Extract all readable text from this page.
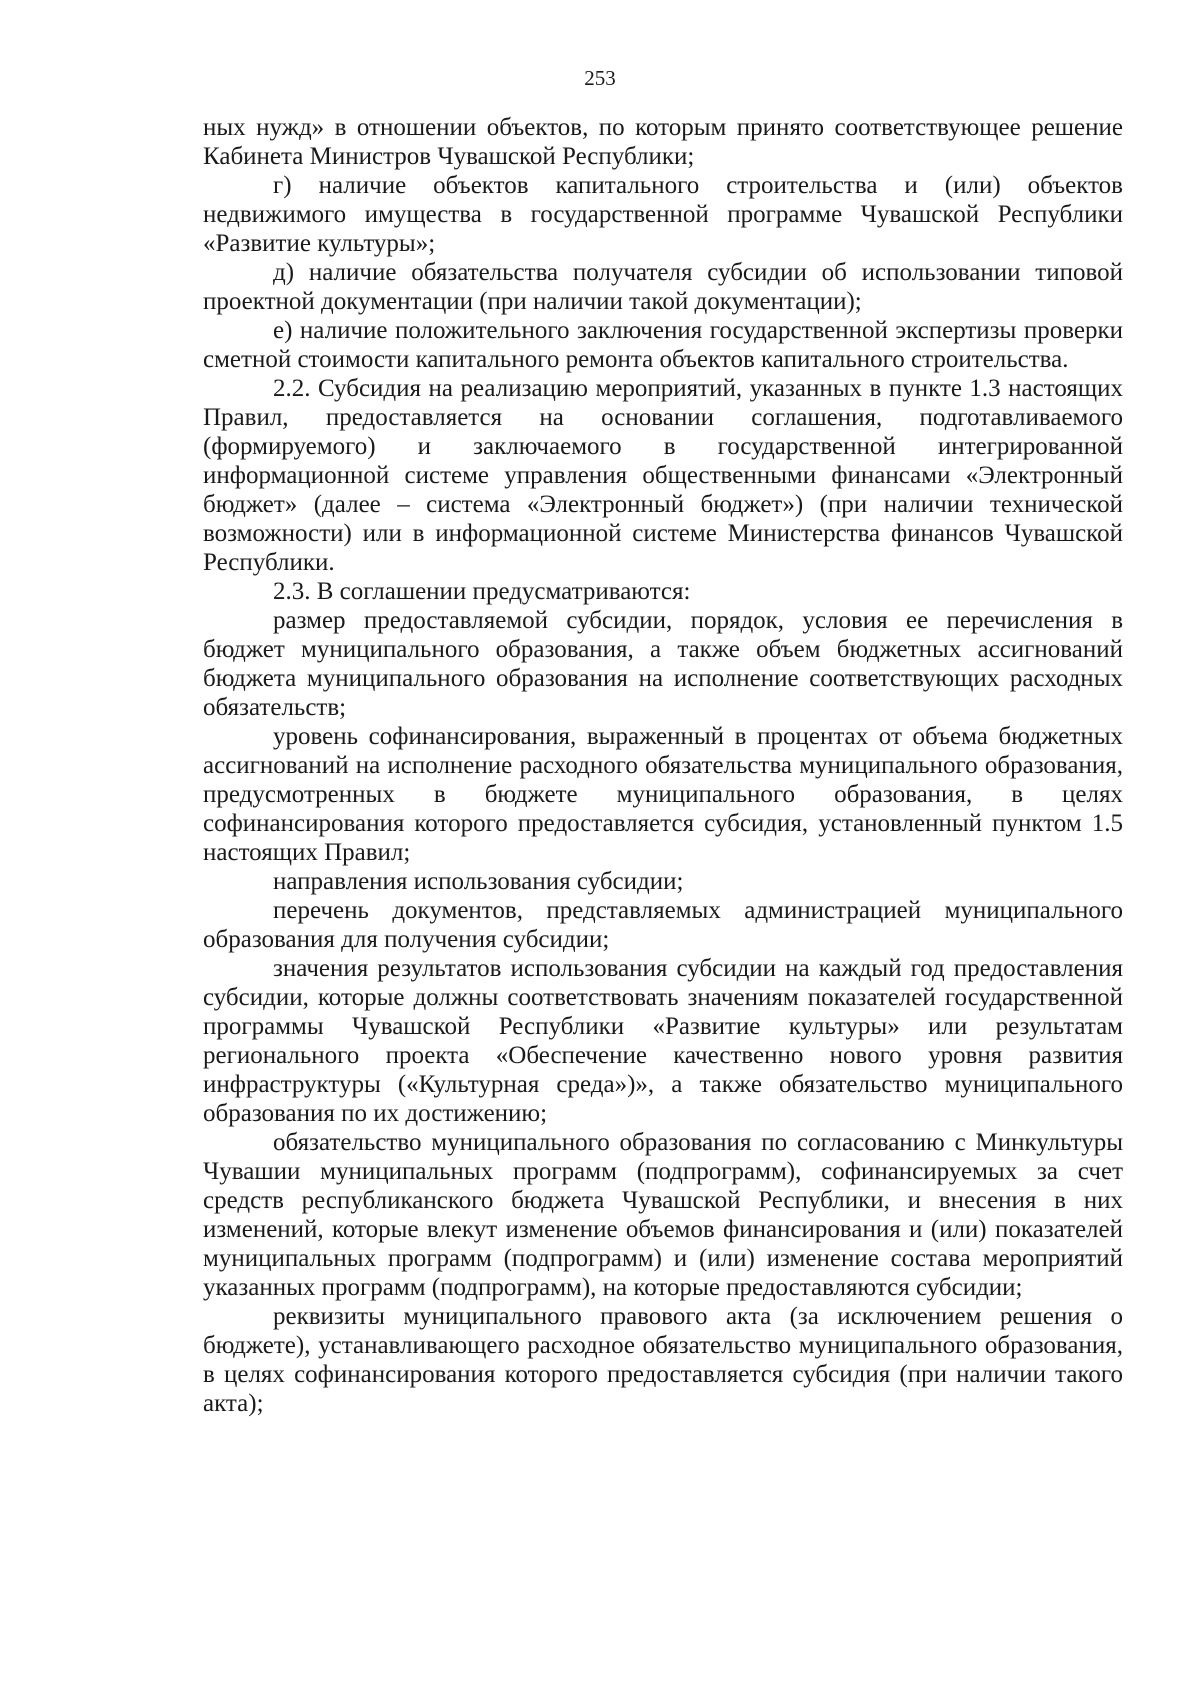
253

ных нужд» в отношении объектов, по которым принято соответствующее решение Кабинета Министров Чувашской Республики;

г) наличие объектов капитального строительства и (или) объектов недвижимого имущества в государственной программе Чувашской Республики «Развитие культуры»;

д) наличие обязательства получателя субсидии об использовании типовой проектной документации (при наличии такой документации);

е) наличие положительного заключения государственной экспертизы проверки сметной стоимости капитального ремонта объектов капитального строительства.

2.2. Субсидия на реализацию мероприятий, указанных в пункте 1.3 настоящих Правил, предоставляется на основании соглашения, подготавливаемого (формируемого) и заключаемого в государственной интегрированной информационной системе управления общественными финансами «Электронный бюджет» (далее – система «Электронный бюджет») (при наличии технической возможности) или в информационной системе Министерства финансов Чувашской Республики.

2.3. В соглашении предусматриваются:

размер предоставляемой субсидии, порядок, условия ее перечисления в бюджет муниципального образования, а также объем бюджетных ассигнований бюджета муниципального образования на исполнение соответствующих расходных обязательств;

уровень софинансирования, выраженный в процентах от объема бюджетных ассигнований на исполнение расходного обязательства муниципального образования, предусмотренных в бюджете муниципального образования, в целях софинансирования которого предоставляется субсидия, установленный пунктом 1.5 настоящих Правил;

направления использования субсидии;

перечень документов, представляемых администрацией муниципального образования для получения субсидии;

значения результатов использования субсидии на каждый год предоставления субсидии, которые должны соответствовать значениям показателей государственной программы Чувашской Республики «Развитие культуры» или результатам регионального проекта «Обеспечение качественно нового уровня развития инфраструктуры («Культурная среда»)», а также обязательство муниципального образования по их достижению;

обязательство муниципального образования по согласованию с Минкультуры Чувашии муниципальных программ (подпрограмм), софинансируемых за счет средств республиканского бюджета Чувашской Республики, и внесения в них изменений, которые влекут изменение объемов финансирования и (или) показателей муниципальных программ (подпрограмм) и (или) изменение состава мероприятий указанных программ (подпрограмм), на которые предоставляются субсидии;

реквизиты муниципального правового акта (за исключением решения о бюджете), устанавливающего расходное обязательство муниципального образования, в целях софинансирования которого предоставляется субсидия (при наличии такого акта);
